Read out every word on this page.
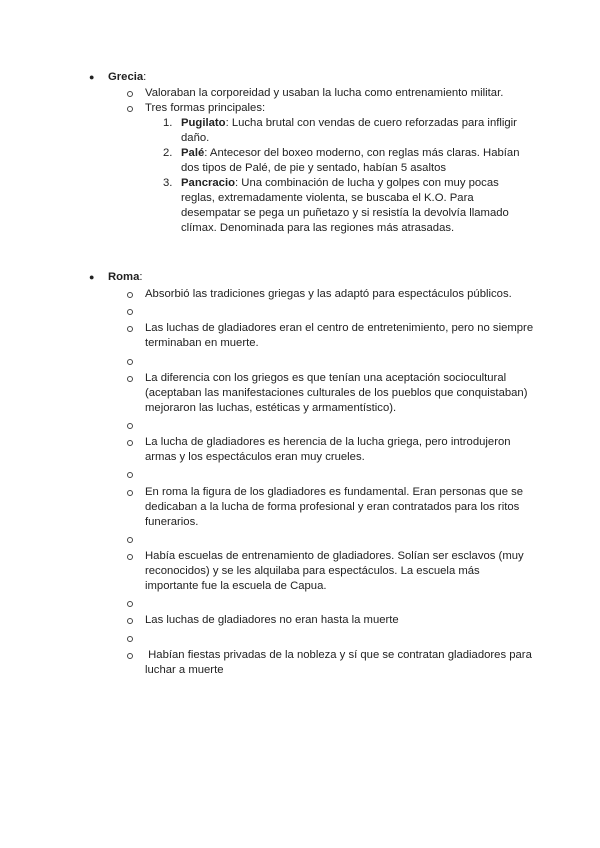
● Grecia:
Valoraban la corporeidad y usaban la lucha como entrenamiento militar.
Tres formas principales:
1. Pugilato: Lucha brutal con vendas de cuero reforzadas para infligir
daño.
2. Palé: Antecesor del boxeo moderno, con reglas más claras. Habían
dos tipos de Palé, de pie y sentado, habían 5 asaltos
3. Pancracio: Una combinación de lucha y golpes con muy pocas
reglas, extremadamente violenta, se buscaba el K.O. Para
desempatar se pega un puñetazo y si resistía la devolvía llamado
clímax. Denominada para las regiones más atrasadas.
● Roma:
Absorbió las tradiciones griegas y las adaptó para espectáculos públicos.
Las luchas de gladiadores eran el centro de entretenimiento, pero no siempre
terminaban en muerte.
La diferencia con los griegos es que tenían una aceptación sociocultural
(aceptaban las manifestaciones culturales de los pueblos que conquistaban)
mejoraron las luchas, estéticas y armamentístico).
La lucha de gladiadores es herencia de la lucha griega, pero introdujeron
armas y los espectáculos eran muy crueles.
En roma la figura de los gladiadores es fundamental. Eran personas que se
dedicaban a la lucha de forma profesional y eran contratados para los ritos
funerarios.
Había escuelas de entrenamiento de gladiadores. Solían ser esclavos (muy
reconocidos) y se les alquilaba para espectáculos. La escuela más
importante fue la escuela de Capua.
Las luchas de gladiadores no eran hasta la muerte
Habían fiestas privadas de la nobleza y sí que se contratan gladiadores para
luchar a muerte
